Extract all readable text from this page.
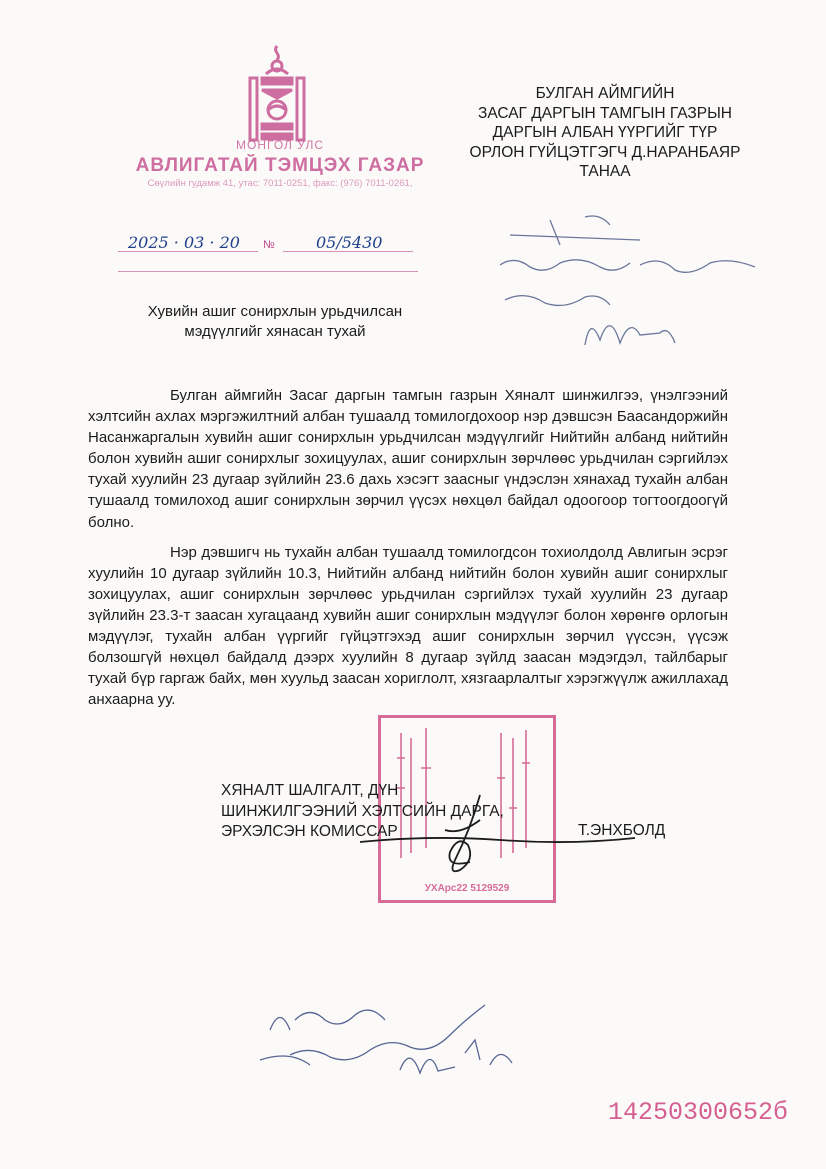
МОНГОЛ УЛС
АВЛИГАТАЙ ТЭМЦЭХ ГАЗАР
Сөүлийн гудамж 41, утас: 7011-0251, факс: (976) 7011-0261,
2025 · 03 · 20 №	05/5430
БУЛГАН АЙМГИЙН
ЗАСАГ ДАРГЫН ТАМГЫН ГАЗРЫН
ДАРГЫН АЛБАН ҮҮРГИЙГ ТҮР
ОРЛОН ГҮЙЦЭТГЭГЧ Д.НАРАНБАЯР
ТАНАА
Хувийн ашиг сонирхлын урьдчилсан
мэдүүлгийг хянасан тухай

Булган аймгийн Засаг даргын тамгын газрын Хяналт шинжилгээ, үнэлгээний хэлтсийн ахлах мэргэжилтний албан тушаалд томилогдохоор нэр дэвшсэн Баасандоржийн Насанжаргалын хувийн ашиг сонирхлын урьдчилсан мэдүүлгийг Нийтийн албанд нийтийн болон хувийн ашиг сонирхлыг зохицуулах, ашиг сонирхлын зөрчлөөс урьдчилан сэргийлэх тухай хуулийн 23 дугаар зүйлийн 23.6 дахь хэсэгт заасныг үндэслэн хянахад тухайн албан тушаалд томилоход ашиг сонирхлын зөрчил үүсэх нөхцөл байдал одоогоор тогтоогдоогүй болно.

Нэр дэвшигч нь тухайн албан тушаалд томилогдсон тохиолдолд Авлигын эсрэг хуулийн 10 дугаар зүйлийн 10.3, Нийтийн албанд нийтийн болон хувийн ашиг сонирхлыг зохицуулах, ашиг сонирхлын зөрчлөөс урьдчилан сэргийлэх тухай хуулийн 23 дугаар зүйлийн 23.3-т заасан хугацаанд хувийн ашиг сонирхлын мэдүүлэг болон хөрөнгө орлогын мэдүүлэг, тухайн албан үүргийг гүйцэтгэхэд ашиг сонирхлын зөрчил үүссэн, үүсэж болзошгүй нөхцөл байдалд дээрх хуулийн 8 дугаар зүйлд заасан мэдэгдэл, тайлбарыг тухай бүр гаргаж байх, мөн хуульд заасан хориглолт, хязгаарлалтыг хэрэгжүүлж ажиллахад анхаарна уу.

УХАрс22 5129529
ХЯНАЛТ ШАЛГАЛТ, ДҮН
ШИНЖИЛГЭЭНИЙ ХЭЛТСИЙН ДАРГА,
ЭРХЭЛСЭН КОМИССАР	Т.ЭНХБОЛД
14250300652б
